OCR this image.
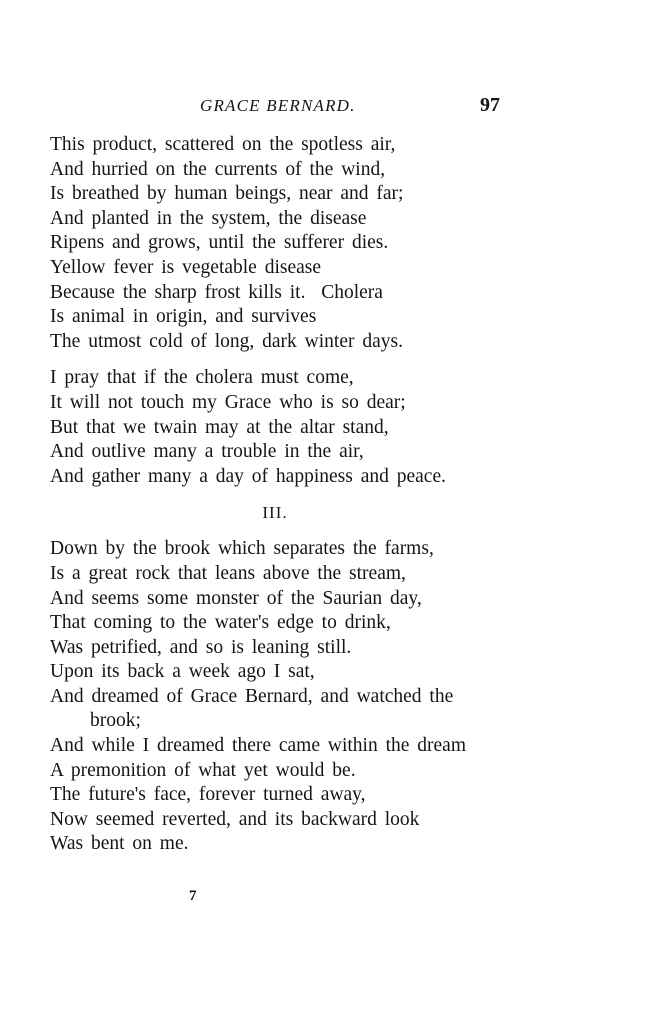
GRACE BERNARD.	97
This product, scattered on the spotless air,
And hurried on the currents of the wind,
Is breathed by human beings, near and far;
And planted in the system, the disease
Ripens and grows, until the sufferer dies.
Yellow fever is vegetable disease
Because the sharp frost kills it.  Cholera
Is animal in origin, and survives
The utmost cold of long, dark winter days.
I pray that if the cholera must come,
It will not touch my Grace who is so dear;
But that we twain may at the altar stand,
And outlive many a trouble in the air,
And gather many a day of happiness and peace.
III.
Down by the brook which separates the farms,
Is a great rock that leans above the stream,
And seems some monster of the Saurian day,
That coming to the water's edge to drink,
Was petrified, and so is leaning still.
Upon its back a week ago I sat,
And dreamed of Grace Bernard, and watched the
brook;
And while I dreamed there came within the dream
A premonition of what yet would be.
The future's face, forever turned away,
Now seemed reverted, and its backward look
Was bent on me.
7
